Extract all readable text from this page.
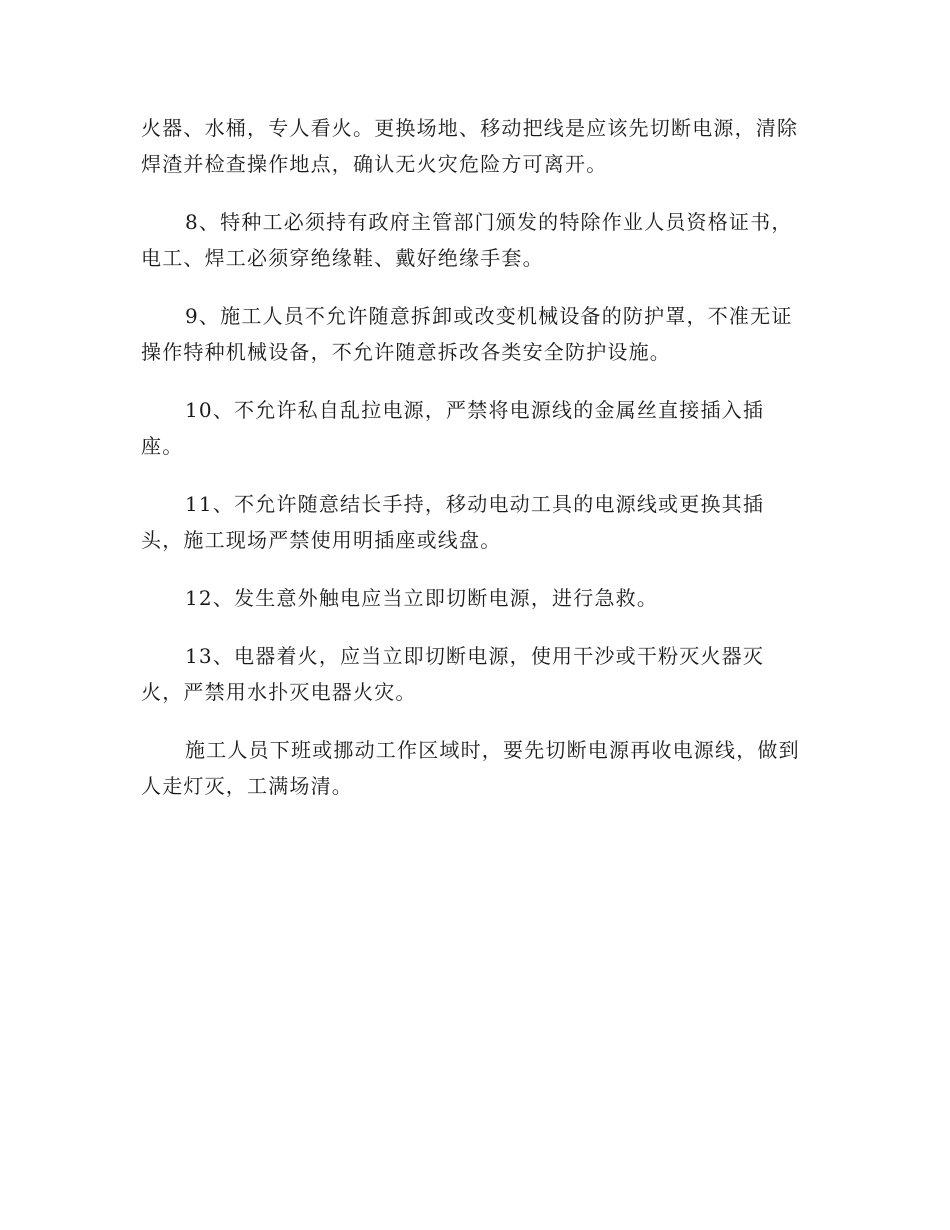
火器、水桶，专人看火。更换场地、移动把线是应该先切断电源，清除焊渣并检查操作地点，确认无火灾危险方可离开。

8、特种工必须持有政府主管部门颁发的特除作业人员资格证书，电工、焊工必须穿绝缘鞋、戴好绝缘手套。

9、施工人员不允许随意拆卸或改变机械设备的防护罩，不准无证操作特种机械设备，不允许随意拆改各类安全防护设施。

10、不允许私自乱拉电源，严禁将电源线的金属丝直接插入插座。

11、不允许随意结长手持，移动电动工具的电源线或更换其插头，施工现场严禁使用明插座或线盘。

12、发生意外触电应当立即切断电源，进行急救。

13、电器着火，应当立即切断电源，使用干沙或干粉灭火器灭火，严禁用水扑灭电器火灾。

施工人员下班或挪动工作区域时，要先切断电源再收电源线，做到人走灯灭，工满场清。
